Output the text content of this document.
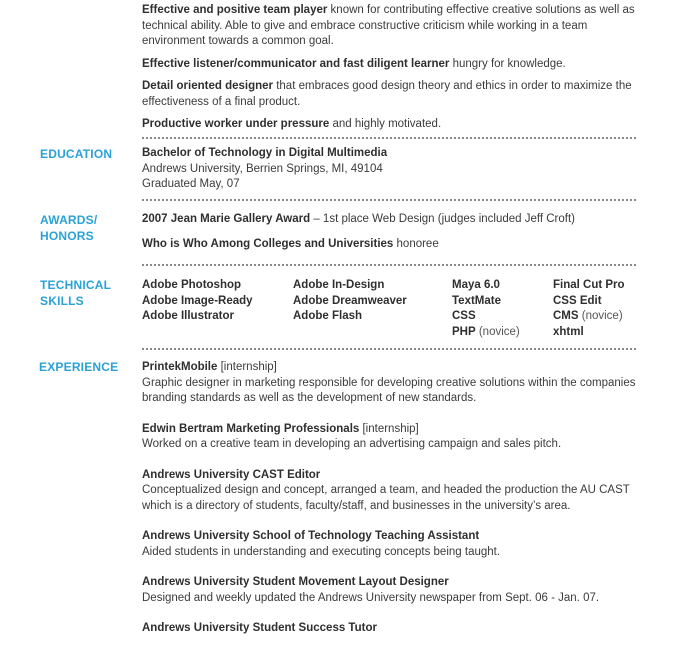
Effective and positive team player known for contributing effective creative solutions as well as technical ability. Able to give and embrace constructive criticism while working in a team environment towards a common goal.

Effective listener/communicator and fast diligent learner hungry for knowledge.

Detail oriented designer that embraces good design theory and ethics in order to maximize the effectiveness of a final product.

Productive worker under pressure and highly motivated.

EDUCATION	Bachelor of Technology in Digital Multimedia
Andrews University, Berrien Springs, MI, 49104
Graduated May, 07
AWARDS/
HONORS

2007 Jean Marie Gallery Award – 1st place Web Design (judges included Jeff Croft)

Who is Who Among Colleges and Universities honoree

TECHNICAL
SKILLS
Adobe Photoshop
Adobe Image-Ready
Adobe Illustrator
Adobe In-Design
Adobe Dreamweaver
Adobe Flash
Maya 6.0
TextMate
CSS
PHP (novice)
Final Cut Pro
CSS Edit
CMS (novice)
xhtml
EXPERIENCE	PrintekMobile [internship]
Graphic designer in marketing responsible for developing creative solutions within the companies branding standards as well as the development of new standards.
Edwin Bertram Marketing Professionals [internship]
Worked on a creative team in developing an advertising campaign and sales pitch.
Andrews University CAST Editor
Conceptualized design and concept, arranged a team, and headed the production the AU CAST which is a directory of students, faculty/staff, and businesses in the university’s area.
Andrews University School of Technology Teaching Assistant
Aided students in understanding and executing concepts being taught.
Andrews University Student Movement Layout Designer
Designed and weekly updated the Andrews University newspaper from Sept. 06 - Jan. 07.
Andrews University Student Success Tutor
